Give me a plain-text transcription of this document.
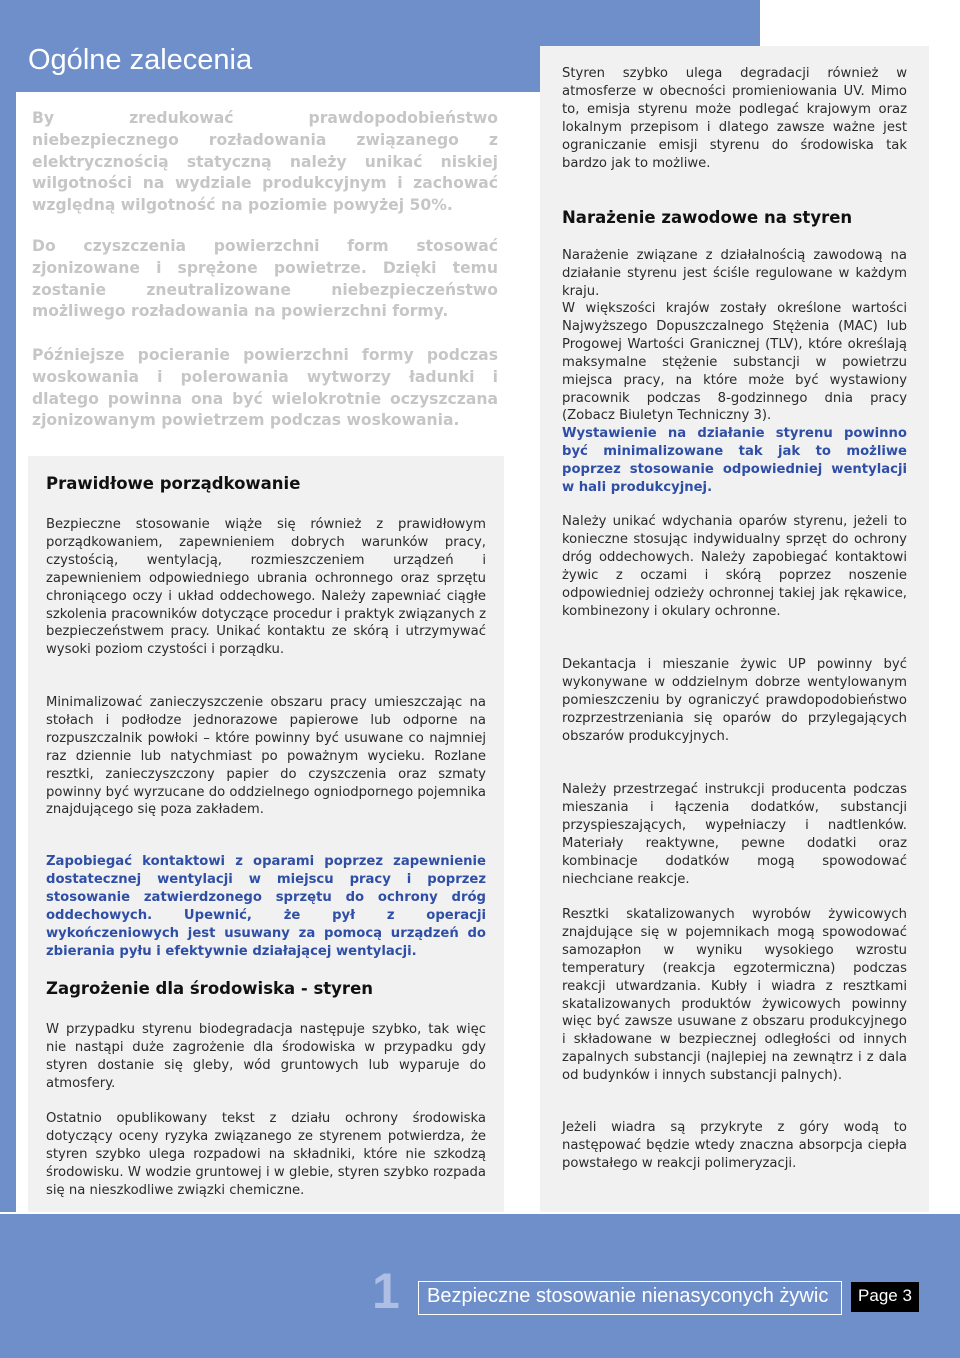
Ogólne zalecenia

By zredukować prawdopodobieństwo niebezpiecznego rozładowania związanego z elektrycznością statyczną należy unikać niskiej wilgotności na wydziale produkcyjnym i zachować względną wilgotność na poziomie powyżej 50%.

Do czyszczenia powierzchni form stosować zjonizowane i sprężone powietrze. Dzięki temu zostanie zneutralizowane niebezpieczeństwo możliwego rozładowania na powierzchni formy.

Późniejsze pocieranie powierzchni formy podczas woskowania i polerowania wytworzy ładunki i dlatego powinna ona być wielokrotnie oczyszczana zjonizowanym powietrzem podczas woskowania.

Prawidłowe porządkowanie

Bezpieczne stosowanie wiąże się również z prawidłowym porządkowaniem, zapewnieniem dobrych warunków pracy, czystością, wentylacją, rozmieszczeniem urządzeń i zapewnieniem odpowiedniego ubrania ochronnego oraz sprzętu chroniącego oczy i układ oddechowego. Należy zapewniać ciągłe szkolenia pracowników dotyczące procedur i praktyk związanych z bezpieczeństwem pracy. Unikać kontaktu ze skórą i utrzymywać wysoki poziom czystości i porządku.

Minimalizować zanieczyszczenie obszaru pracy umieszczając na stołach i podłodze jednorazowe papierowe lub odporne na rozpuszczalnik powłoki – które powinny być usuwane co najmniej raz dziennie lub natychmiast po poważnym wycieku. Rozlane resztki, zanieczyszczony papier do czyszczenia oraz szmaty powinny być wyrzucane do oddzielnego ogniodpornego pojemnika znajdującego się poza zakładem.

Zapobiegać kontaktowi z oparami poprzez zapewnienie dostatecznej wentylacji w miejscu pracy i poprzez stosowanie zatwierdzonego sprzętu do ochrony dróg oddechowych. Upewnić, że pył z operacji wykończeniowych jest usuwany za pomocą urządzeń do zbierania pyłu i efektywnie działającej wentylacji.

Zagrożenie dla środowiska - styren

W przypadku styrenu biodegradacja następuje szybko, tak więc nie nastąpi duże zagrożenie dla środowiska w przypadku gdy styren dostanie się gleby, wód gruntowych lub wyparuje do atmosfery.

Ostatnio opublikowany tekst z działu ochrony środowiska dotyczący oceny ryzyka związanego ze styrenem potwierdza, że styren szybko ulega rozpadowi na składniki, które nie szkodzą środowisku. W wodzie gruntowej i w glebie, styren szybko rozpada się na nieszkodliwe związki chemiczne.

Styren szybko ulega degradacji również w atmosferze w obecności promieniowania UV. Mimo to, emisja styrenu może podlegać krajowym oraz lokalnym przepisom i dlatego zawsze ważne jest ograniczanie emisji styrenu do środowiska tak bardzo jak to możliwe.

Narażenie zawodowe na styren

Narażenie związane z działalnością zawodową na działanie styrenu jest ściśle regulowane w każdym kraju.

W większości krajów zostały określone wartości Najwyższego Dopuszczalnego Stężenia (MAC) lub Progowej Wartości Granicznej (TLV), które określają maksymalne stężenie substancji w powietrzu miejsca pracy, na które może być wystawiony pracownik podczas 8-godzinnego dnia pracy (Zobacz Biuletyn Techniczny 3).

Wystawienie na działanie styrenu powinno być minimalizowane tak jak to możliwe poprzez stosowanie odpowiedniej wentylacji w hali produkcyjnej.

Należy unikać wdychania oparów styrenu, jeżeli to konieczne stosując indywidualny sprzęt do ochrony dróg oddechowych. Należy zapobiegać kontaktowi żywic z oczami i skórą poprzez noszenie odpowiedniej odzieży ochronnej takiej jak rękawice, kombinezony i okulary ochronne.

Dekantacja i mieszanie żywic UP powinny być wykonywane w oddzielnym dobrze wentylowanym pomieszczeniu by ograniczyć prawdopodobieństwo rozprzestrzeniania się oparów do przylegających obszarów produkcyjnych.

Należy przestrzegać instrukcji producenta podczas mieszania i łączenia dodatków, substancji przyspieszających, wypełniaczy i nadtlenków. Materiały reaktywne, pewne dodatki oraz kombinacje dodatków mogą spowodować niechciane reakcje.

Resztki skatalizowanych wyrobów żywicowych znajdujące się w pojemnikach mogą spowodować samozapłon w wyniku wysokiego wzrostu temperatury (reakcja egzotermiczna) podczas reakcji utwardzania. Kubły i wiadra z resztkami skatalizowanych produktów żywicowych powinny więc być zawsze usuwane z obszaru produkcyjnego i składowane w bezpiecznej odległości od innych zapalnych substancji (najlepiej na zewnątrz i z dala od budynków i innych substancji palnych).

Jeżeli wiadra są przykryte z góry wodą to następować będzie wtedy znaczna absorpcja ciepła powstałego w reakcji polimeryzacji.

1	Bezpieczne stosowanie nienasyconych żywic	Page 3
